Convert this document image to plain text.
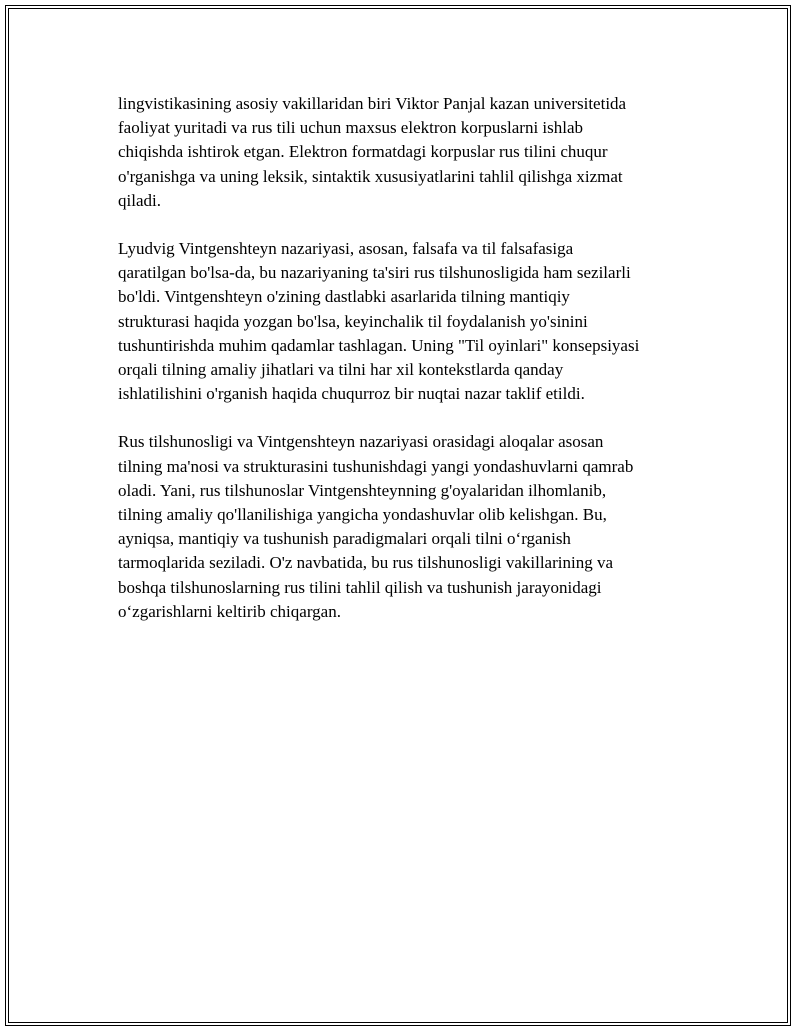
lingvistikasining asosiy vakillaridan biri Viktor Panjal kazan universitetida
faoliyat yuritadi va rus tili uchun maxsus elektron korpuslarni ishlab
chiqishda ishtirok etgan. Elektron formatdagi korpuslar rus tilini chuqur
o'rganishga va uning leksik, sintaktik xususiyatlarini tahlil qilishga xizmat
qiladi.

Lyudvig Vintgenshteyn nazariyasi, asosan, falsafa va til falsafasiga
qaratilgan bo'lsa-da, bu nazariyaning ta'siri rus tilshunosligida ham sezilarli
bo'ldi. Vintgenshteyn o'zining dastlabki asarlarida tilning mantiqiy
strukturasi haqida yozgan bo'lsa, keyinchalik til foydalanish yo'sinini
tushuntirishda muhim qadamlar tashlagan. Uning "Til oyinlari" konsepsiyasi
orqali tilning amaliy jihatlari va tilni har xil kontekstlarda qanday
ishlatilishini o'rganish haqida chuqurroz bir nuqtai nazar taklif etildi.

Rus tilshunosligi va Vintgenshteyn nazariyasi orasidagi aloqalar asosan
tilning ma'nosi va strukturasini tushunishdagi yangi yondashuvlarni qamrab
oladi. Yani, rus tilshunoslar Vintgenshteynning g'oyalaridan ilhomlanib,
tilning amaliy qo'llanilishiga yangicha yondashuvlar olib kelishgan. Bu,
ayniqsa, mantiqiy va tushunish paradigmalari orqali tilni o‘rganish
tarmoqlarida seziladi. O'z navbatida, bu rus tilshunosligi vakillarining va
boshqa tilshunoslarning rus tilini tahlil qilish va tushunish jarayonidagi
o‘zgarishlarni keltirib chiqargan.
